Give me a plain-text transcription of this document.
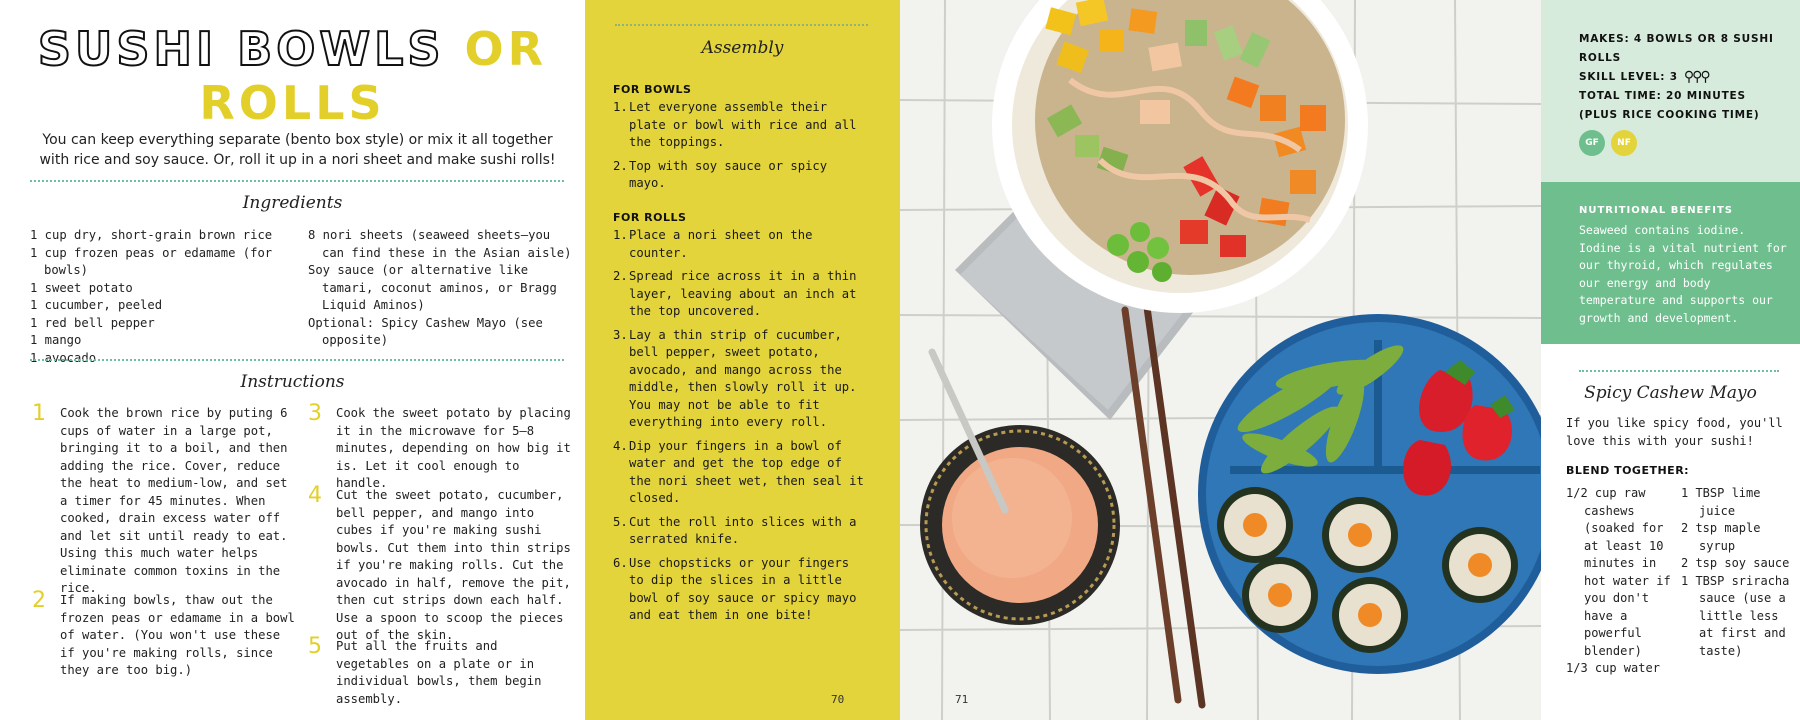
SUSHI BOWLS OR
ROLLS
You can keep everything separate (bento box style) or mix it all together with rice and soy sauce. Or, roll it up in a nori sheet and make sushi rolls!
Ingredients
1 cup dry, short-grain brown rice
1 cup frozen peas or edamame (for bowls)
1 sweet potato
1 cucumber, peeled
1 red bell pepper
1 mango
1 avocado
8 nori sheets (seaweed sheets—you can find these in the Asian aisle)
Soy sauce (or alternative like tamari, coconut aminos, or Bragg Liquid Aminos)
Optional: Spicy Cashew Mayo (see opposite)
Instructions
1	Cook the brown rice by puting 6 cups of water in a large pot, bringing it to a boil, and then adding the rice. Cover, reduce the heat to medium-low, and set a timer for 45 minutes. When cooked, drain excess water off and let sit until ready to eat. Using this much water helps eliminate common toxins in the rice.
2	If making bowls, thaw out the frozen peas or edamame in a bowl of water. (You won't use these if you're making rolls, since they are too big.)
3	Cook the sweet potato by placing it in the microwave for 5–8 minutes, depending on how big it is. Let it cool enough to handle.
4	Cut the sweet potato, cucumber, bell pepper, and mango into cubes if you're making sushi bowls. Cut them into thin strips if you're making rolls. Cut the avocado in half, remove the pit, then cut strips down each half. Use a spoon to scoop the pieces out of the skin.
5	Put all the fruits and vegetables on a plate or in individual bowls, them begin assembly.
Assembly
FOR BOWLS
1. Let everyone assemble their plate or bowl with rice and all the toppings.
2. Top with soy sauce or spicy mayo.
FOR ROLLS
1. Place a nori sheet on the counter.
2. Spread rice across it in a thin layer, leaving about an inch at the top uncovered.
3. Lay a thin strip of cucumber, bell pepper, sweet potato, avocado, and mango across the middle, then slowly roll it up. You may not be able to fit everything into every roll.
4. Dip your fingers in a bowl of water and get the top edge of the nori sheet wet, then seal it closed.
5. Cut the roll into slices with a serrated knife.
6. Use chopsticks or your fingers to dip the slices in a little bowl of soy sauce or spicy mayo and eat them in one bite!
70	71
MAKES: 4 BOWLS OR 8 SUSHI ROLLS
SKILL LEVEL: 3 ⚲⚲⚲
TOTAL TIME: 20 MINUTES
(PLUS RICE COOKING TIME)
GF	NF
NUTRITIONAL BENEFITS
Seaweed contains iodine. Iodine is a vital nutrient for our thyroid, which regulates our energy and body temperature and supports our growth and development.
Spicy Cashew Mayo
If you like spicy food, you'll love this with your sushi!
BLEND TOGETHER:
1/2 cup raw cashews (soaked for at least 10 minutes in hot water if you don't have a powerful blender)
1/3 cup water
1 TBSP lime juice
2 tsp maple syrup
2 tsp soy sauce
1 TBSP sriracha sauce (use a little less at first and taste)
